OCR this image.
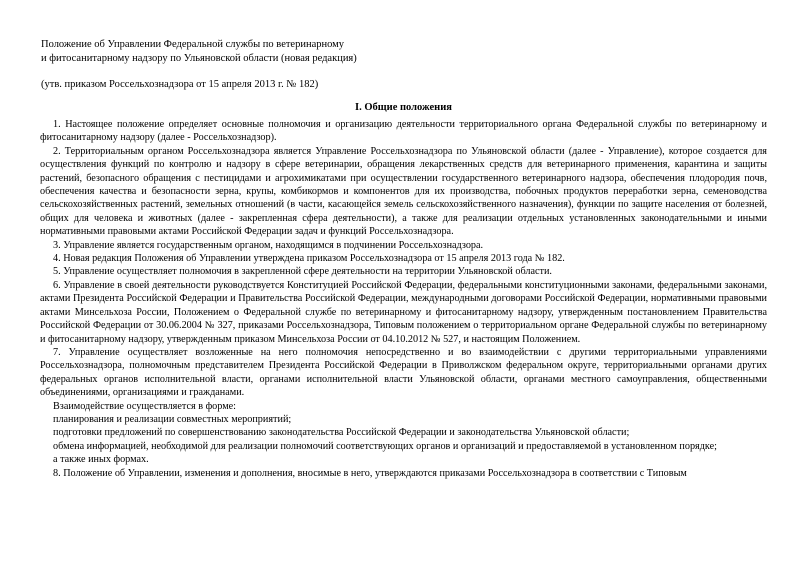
Положение об Управлении Федеральной службы по ветеринарному
и фитосанитарному надзору по Ульяновской области (новая редакция)
(утв. приказом Россельхознадзора от 15 апреля 2013 г. № 182)
I. Общие положения

1. Настоящее положение определяет основные полномочия и организацию деятельности территориального органа Федеральной службы по ветеринарному и фитосанитарному надзору (далее - Россельхознадзор).

2. Территориальным органом Россельхознадзора является Управление Россельхознадзора по Ульяновской области (далее - Управление), которое создается для осуществления функций по контролю и надзору в сфере ветеринарии, обращения лекарственных средств для ветеринарного применения, карантина и защиты растений, безопасного обращения с пестицидами и агрохимикатами при осуществлении государственного ветеринарного надзора, обеспечения плодородия почв, обеспечения качества и безопасности зерна, крупы, комбикормов и компонентов для их производства, побочных продуктов переработки зерна, семеноводства сельскохозяйственных растений, земельных отношений (в части, касающейся земель сельскохозяйственного назначения), функции по защите населения от болезней, общих для человека и животных (далее - закрепленная сфера деятельности), а также для реализации отдельных установленных законодательными и иными нормативными правовыми актами Российской Федерации задач и функций Россельхознадзора.

3. Управление является государственным органом, находящимся в подчинении Россельхознадзора.

4. Новая редакция Положения об Управлении утверждена приказом Россельхознадзора от 15 апреля 2013 года № 182.

5. Управление осуществляет полномочия в закрепленной сфере деятельности на территории Ульяновской области.

6. Управление в своей деятельности руководствуется Конституцией Российской Федерации, федеральными конституционными законами, федеральными законами, актами Президента Российской Федерации и Правительства Российской Федерации, международными договорами Российской Федерации, нормативными правовыми актами Минсельхоза России, Положением о Федеральной службе по ветеринарному и фитосанитарному надзору, утвержденным постановлением Правительства Российской Федерации от 30.06.2004 № 327, приказами Россельхознадзора, Типовым положением о территориальном органе Федеральной службы по ветеринарному и фитосанитарному надзору, утвержденным приказом Минсельхоза России от 04.10.2012 № 527, и настоящим Положением.

7. Управление осуществляет возложенные на него полномочия непосредственно и во взаимодействии с другими территориальными управлениями Россельхознадзора, полномочным представителем Президента Российской Федерации в Приволжском федеральном округе, территориальными органами других федеральных органов исполнительной власти, органами исполнительной власти Ульяновской области, органами местного самоуправления, общественными объединениями, организациями и гражданами.

Взаимодействие осуществляется в форме:

планирования и реализации совместных мероприятий;

подготовки предложений по совершенствованию законодательства Российской Федерации и законодательства Ульяновской области;

обмена информацией, необходимой для реализации полномочий соответствующих органов и организаций и предоставляемой в установленном порядке;

а также иных формах.

8. Положение об Управлении, изменения и дополнения, вносимые в него, утверждаются приказами Россельхознадзора в соответствии с Типовым
